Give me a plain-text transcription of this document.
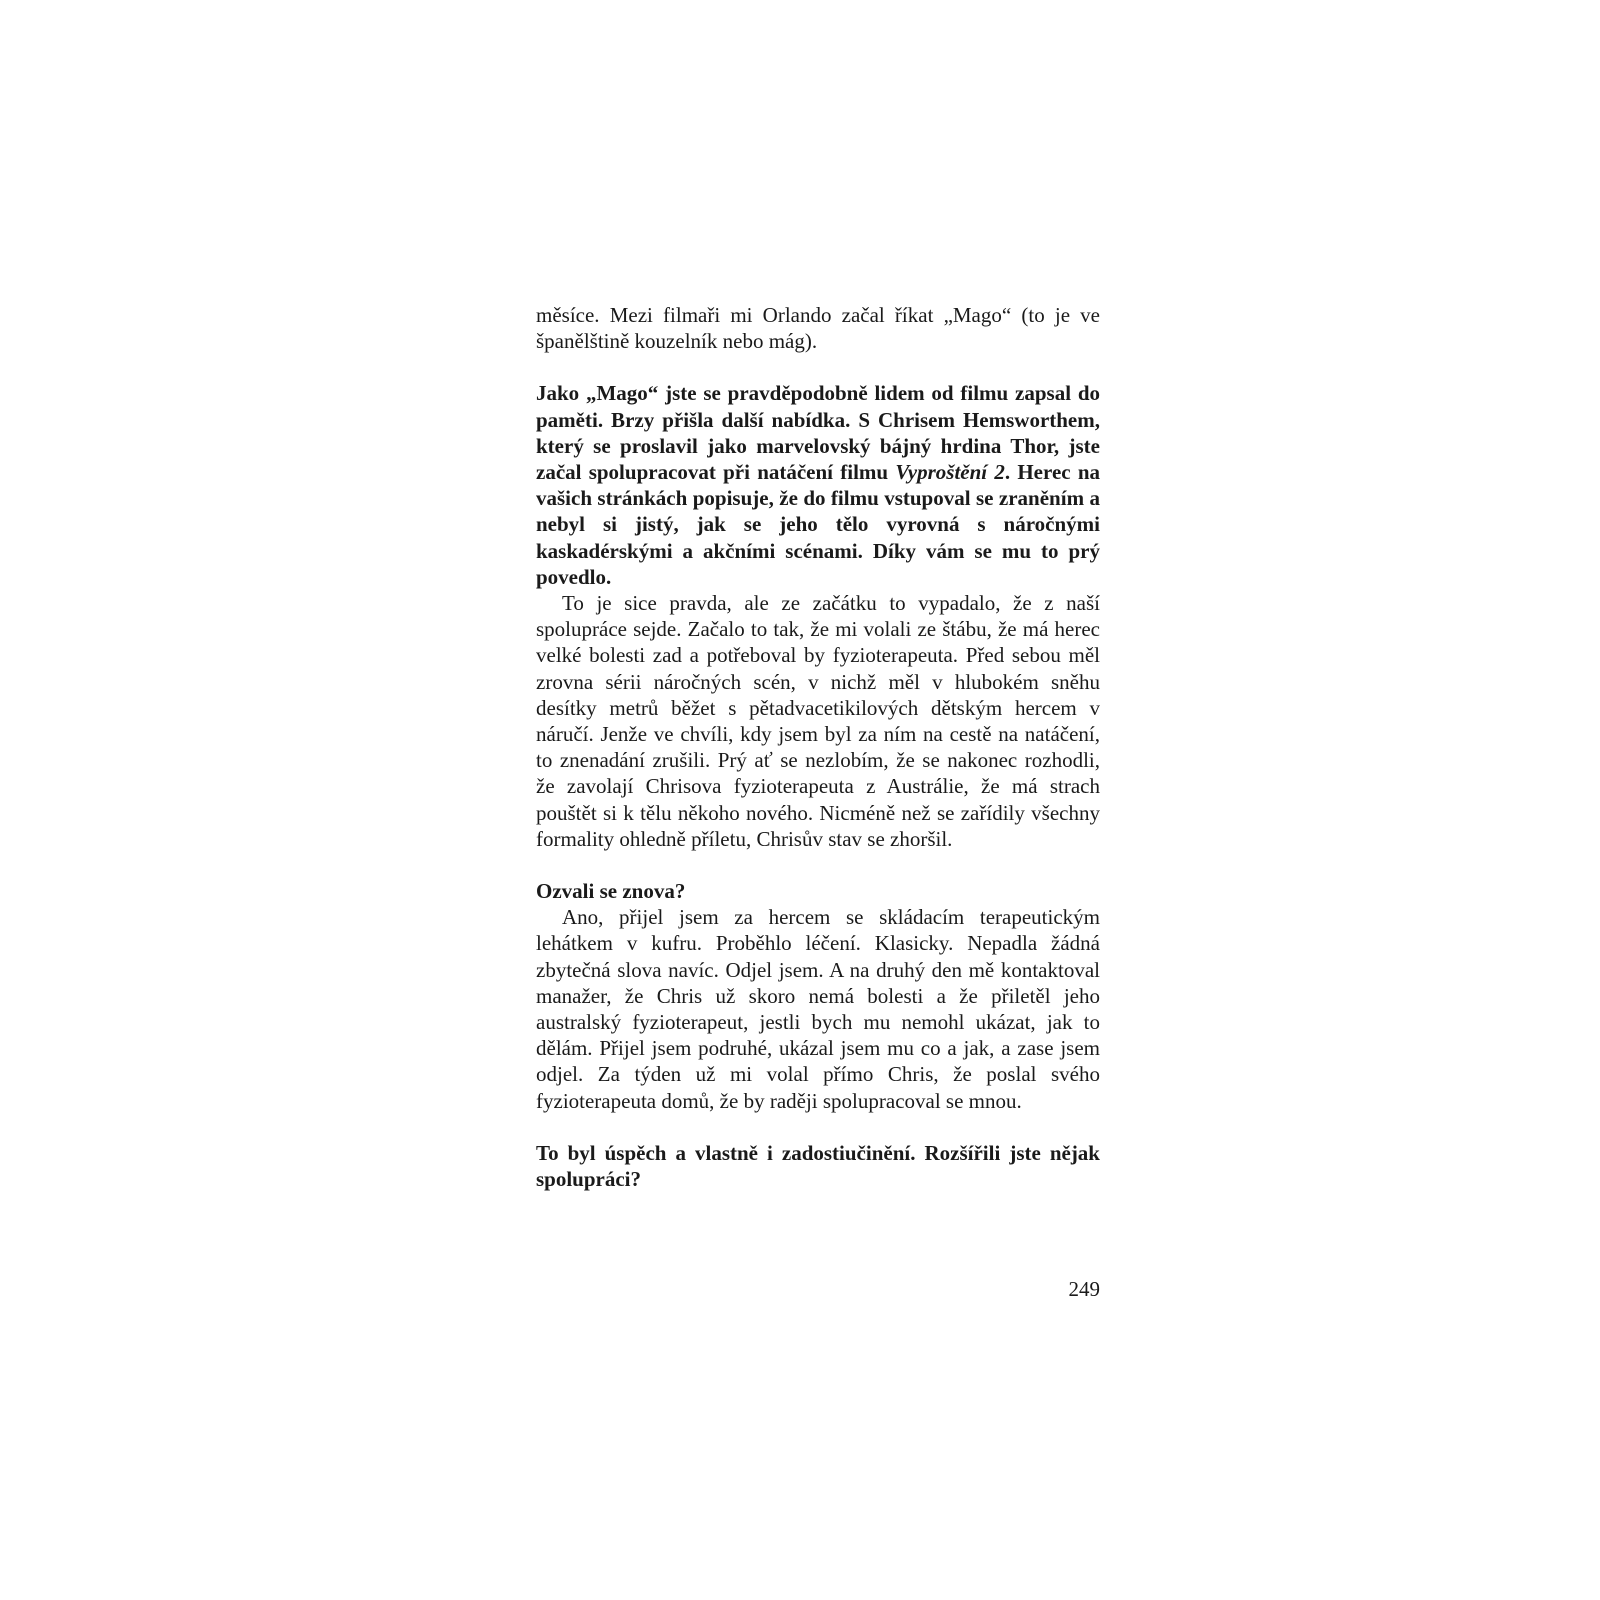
měsíce. Mezi filmaři mi Orlando začal říkat „Mago“ (to je ve španělštině kouzelník nebo mág).

Jako „Mago“ jste se pravděpodobně lidem od filmu zapsal do paměti. Brzy přišla další nabídka. S Chrisem Hemsworthem, který se proslavil jako marvelovský bájný hrdina Thor, jste začal spolupracovat při natáčení filmu Vyproštění 2. Herec na vašich stránkách popisuje, že do filmu vstupoval se zraněním a nebyl si jistý, jak se jeho tělo vyrovná s náročnými kaskadérskými a akčními scénami. Díky vám se mu to prý povedlo.

To je sice pravda, ale ze začátku to vypadalo, že z naší spolupráce sejde. Začalo to tak, že mi volali ze štábu, že má herec velké bolesti zad a potřeboval by fyzioterapeuta. Před sebou měl zrovna sérii náročných scén, v nichž měl v hlubokém sněhu desítky metrů běžet s pětadvacetikilových dětským hercem v náručí. Jenže ve chvíli, kdy jsem byl za ním na cestě na natáčení, to znenadání zrušili. Prý ať se nezlobím, že se nakonec rozhodli, že zavolají Chrisova fyzioterapeuta z Austrálie, že má strach pouštět si k tělu někoho nového. Nicméně než se zařídily všechny formality ohledně příletu, Chrisův stav se zhoršil.

Ozvali se znova?

Ano, přijel jsem za hercem se skládacím terapeutickým lehátkem v kufru. Proběhlo léčení. Klasicky. Nepadla žádná zbytečná slova navíc. Odjel jsem. A na druhý den mě kontaktoval manažer, že Chris už skoro nemá bolesti a že přiletěl jeho australský fyzioterapeut, jestli bych mu nemohl ukázat, jak to dělám. Přijel jsem podruhé, ukázal jsem mu co a jak, a zase jsem odjel. Za týden už mi volal přímo Chris, že poslal svého fyzioterapeuta domů, že by raději spolupracoval se mnou.

To byl úspěch a vlastně i zadostiučinění. Rozšířili jste nějak spolupráci?

249
